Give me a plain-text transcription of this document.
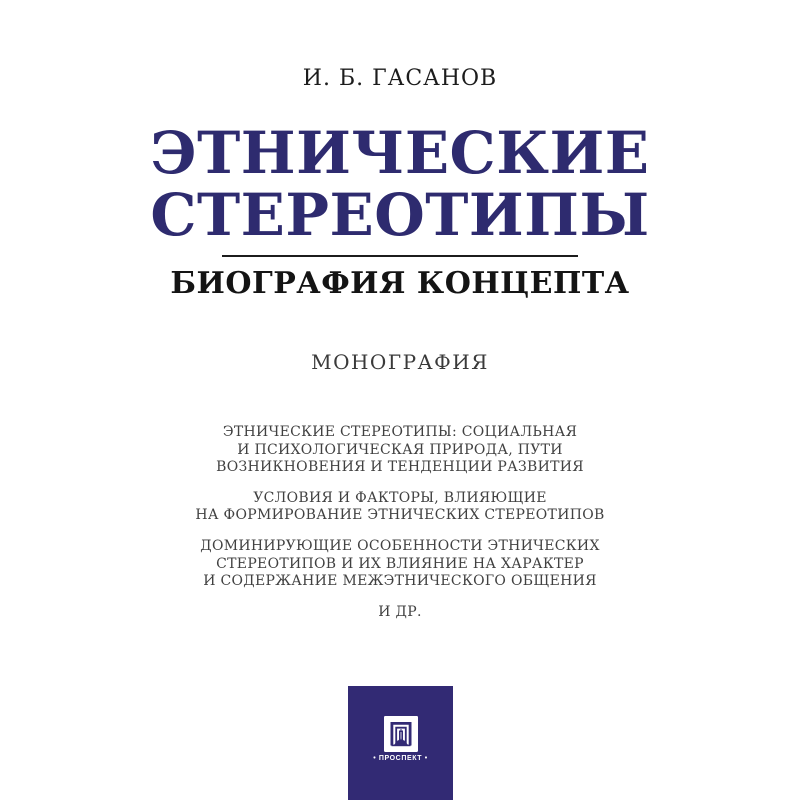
И. Б. ГАСАНОВ
ЭТНИЧЕСКИЕ
СТЕРЕОТИПЫ
БИОГРАФИЯ КОНЦЕПТА
МОНОГРАФИЯ

ЭТНИЧЕСКИЕ СТЕРЕОТИПЫ: СОЦИАЛЬНАЯ
И ПСИХОЛОГИЧЕСКАЯ ПРИРОДА, ПУТИ
ВОЗНИКНОВЕНИЯ И ТЕНДЕНЦИИ РАЗВИТИЯ

УСЛОВИЯ И ФАКТОРЫ, ВЛИЯЮЩИЕ
НА ФОРМИРОВАНИЕ ЭТНИЧЕСКИХ СТЕРЕОТИПОВ

ДОМИНИРУЮЩИЕ ОСОБЕННОСТИ ЭТНИЧЕСКИХ
СТЕРЕОТИПОВ И ИХ ВЛИЯНИЕ НА ХАРАКТЕР
И СОДЕРЖАНИЕ МЕЖЭТНИЧЕСКОГО ОБЩЕНИЯ

И ДР.

• ПРОСПЕКТ •
